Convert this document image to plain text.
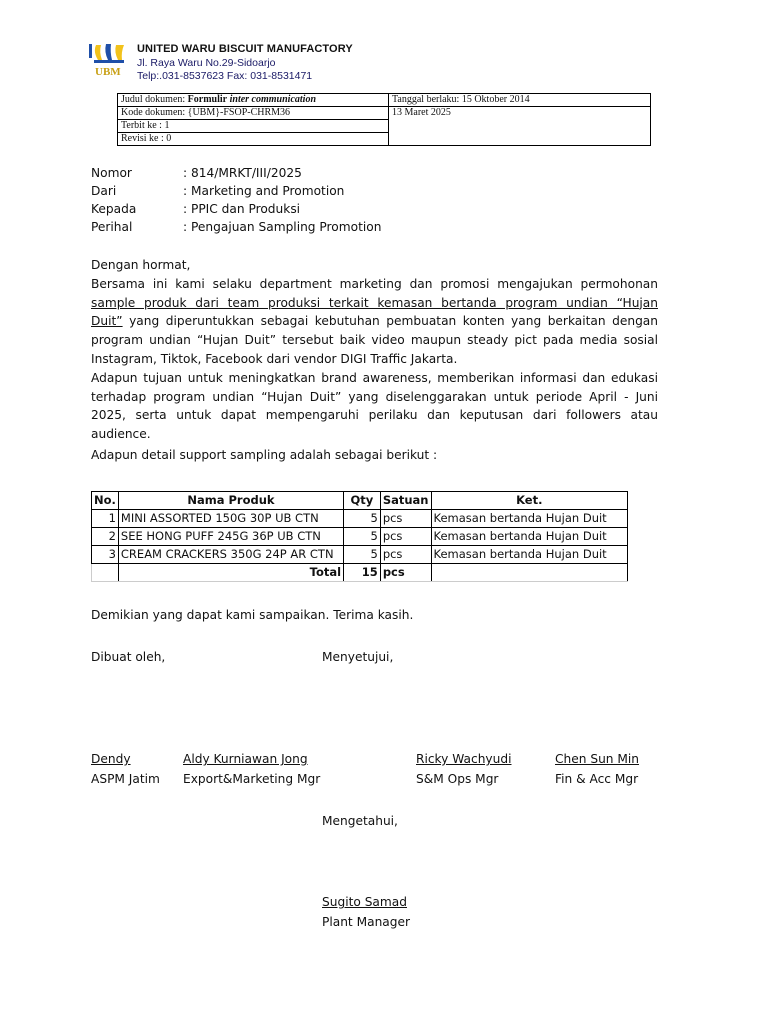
UBM
UNITED WARU BISCUIT MANUFACTORY
Jl. Raya Waru No.29-Sidoarjo
Telp:.031-8537623 Fax: 031-8531471
Judul dokumen: Formulir inter communication	Tanggal berlaku: 15 Oktober 2014
Kode dokumen: {UBM}-FSOP-CHRM36	13 Maret 2025
Terbit ke : 1	
Revisi ke : 0	
Nomor	: 814/MRKT/III/2025
Dari	: Marketing and Promotion
Kepada	: PPIC dan Produksi
Perihal	: Pengajuan Sampling Promotion
Dengan hormat,
Bersama ini kami selaku department marketing dan promosi mengajukan permohonan
sample produk dari team produksi terkait kemasan bertanda program undian “Hujan
Duit” yang diperuntukkan sebagai kebutuhan pembuatan konten yang berkaitan dengan
program undian “Hujan Duit” tersebut baik video maupun steady pict pada media sosial
Instagram, Tiktok, Facebook dari vendor DIGI Traffic Jakarta.
Adapun tujuan untuk meningkatkan brand awareness, memberikan informasi dan edukasi
terhadap program undian “Hujan Duit” yang diselenggarakan untuk periode April - Juni
2025, serta untuk dapat mempengaruhi perilaku dan keputusan dari followers atau
audience.
Adapun detail support sampling adalah sebagai berikut :
No.	Nama Produk	Qty	Satuan	Ket.
1	MINI ASSORTED 150G 30P UB CTN	5	pcs	Kemasan bertanda Hujan Duit
2	SEE HONG PUFF 245G 36P UB CTN	5	pcs	Kemasan bertanda Hujan Duit
3	CREAM CRACKERS 350G 24P AR CTN	5	pcs	Kemasan bertanda Hujan Duit
	Total	15	pcs	
Demikian yang dapat kami sampaikan. Terima kasih.
Dibuat oleh,	Menyetujui,
Dendy
ASPM Jatim
Aldy Kurniawan Jong
Export&Marketing Mgr
Ricky Wachyudi
S&M Ops Mgr
Chen Sun Min
Fin & Acc Mgr
Mengetahui,
Sugito Samad
Plant Manager
